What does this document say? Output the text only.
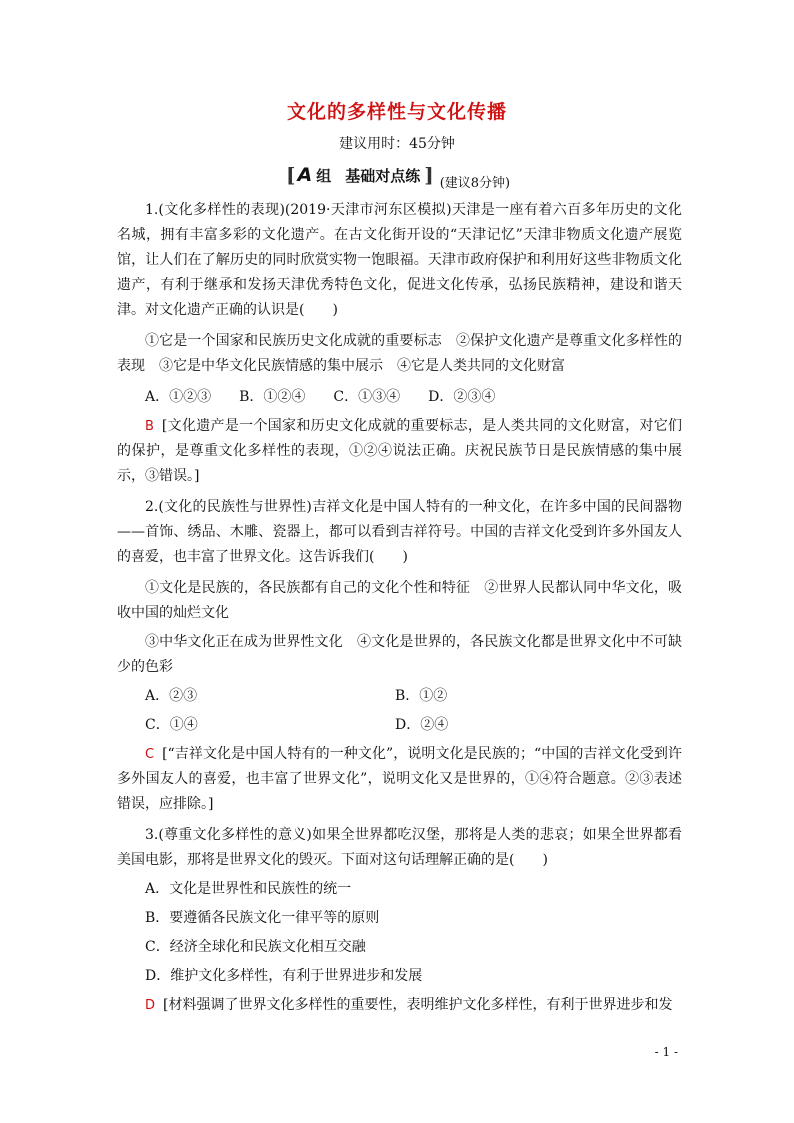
文化的多样性与文化传播
建议用时：45分钟
[ A 组 基础对点练 ] (建议8分钟)

1.(文化多样性的表现)(2019·天津市河东区模拟)天津是一座有着六百多年历史的文化名城，拥有丰富多彩的文化遗产。在古文化街开设的“天津记忆”天津非物质文化遗产展览馆，让人们在了解历史的同时欣赏实物一饱眼福。天津市政府保护和利用好这些非物质文化遗产，有利于继承和发扬天津优秀特色文化，促进文化传承，弘扬民族精神，建设和谐天津。对文化遗产正确的认识是(　　)

①它是一个国家和民族历史文化成就的重要标志　②保护文化遗产是尊重文化多样性的表现　③它是中华文化民族情感的集中展示　④它是人类共同的文化财富

A．①②③　　B．①②④　　C．①③④　　D．②③④

B [文化遗产是一个国家和历史文化成就的重要标志，是人类共同的文化财富，对它们的保护，是尊重文化多样性的表现，①②④说法正确。庆祝民族节日是民族情感的集中展示，③错误。]

2.(文化的民族性与世界性)吉祥文化是中国人特有的一种文化，在许多中国的民间器物——首饰、绣品、木雕、瓷器上，都可以看到吉祥符号。中国的吉祥文化受到许多外国友人的喜爱，也丰富了世界文化。这告诉我们(　　)

①文化是民族的，各民族都有自己的文化个性和特征　②世界人民都认同中华文化，吸收中国的灿烂文化

③中华文化正在成为世界性文化　④文化是世界的，各民族文化都是世界文化中不可缺少的色彩

A．②③	B．①②
C．①④	D．②④

C [“吉祥文化是中国人特有的一种文化”，说明文化是民族的；“中国的吉祥文化受到许多外国友人的喜爱，也丰富了世界文化”，说明文化又是世界的，①④符合题意。②③表述错误，应排除。]

3.(尊重文化多样性的意义)如果全世界都吃汉堡，那将是人类的悲哀；如果全世界都看美国电影，那将是世界文化的毁灭。下面对这句话理解正确的是(　　)

A．文化是世界性和民族性的统一

B．要遵循各民族文化一律平等的原则

C．经济全球化和民族文化相互交融

D．维护文化多样性，有利于世界进步和发展

D [材料强调了世界文化多样性的重要性，表明维护文化多样性，有利于世界进步和发

- 1 -
